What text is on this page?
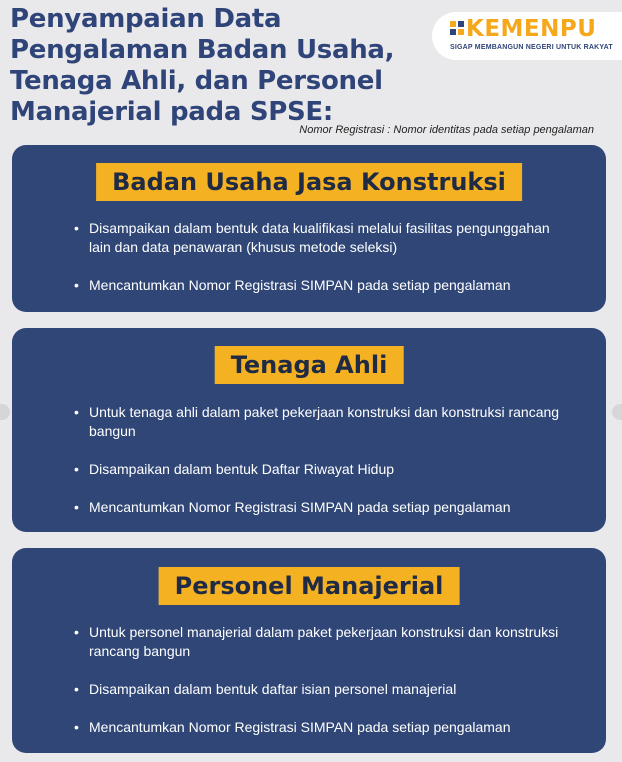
Penyampaian Data Pengalaman Badan Usaha, Tenaga Ahli, dan Personel Manajerial pada SPSE:
KEMENPU
SIGAP MEMBANGUN NEGERI UNTUK RAKYAT
Nomor Registrasi : Nomor identitas pada setiap pengalaman
Badan Usaha Jasa Konstruksi
• Disampaikan dalam bentuk data kualifikasi melalui fasilitas pengunggahan lain dan data penawaran (khusus metode seleksi)
• Mencantumkan Nomor Registrasi SIMPAN pada setiap pengalaman
Tenaga Ahli
• Untuk tenaga ahli dalam paket pekerjaan konstruksi dan konstruksi rancang bangun
• Disampaikan dalam bentuk Daftar Riwayat Hidup
• Mencantumkan Nomor Registrasi SIMPAN pada setiap pengalaman
Personel Manajerial
• Untuk personel manajerial dalam paket pekerjaan konstruksi dan konstruksi rancang bangun
• Disampaikan dalam bentuk daftar isian personel manajerial
• Mencantumkan Nomor Registrasi SIMPAN pada setiap pengalaman
